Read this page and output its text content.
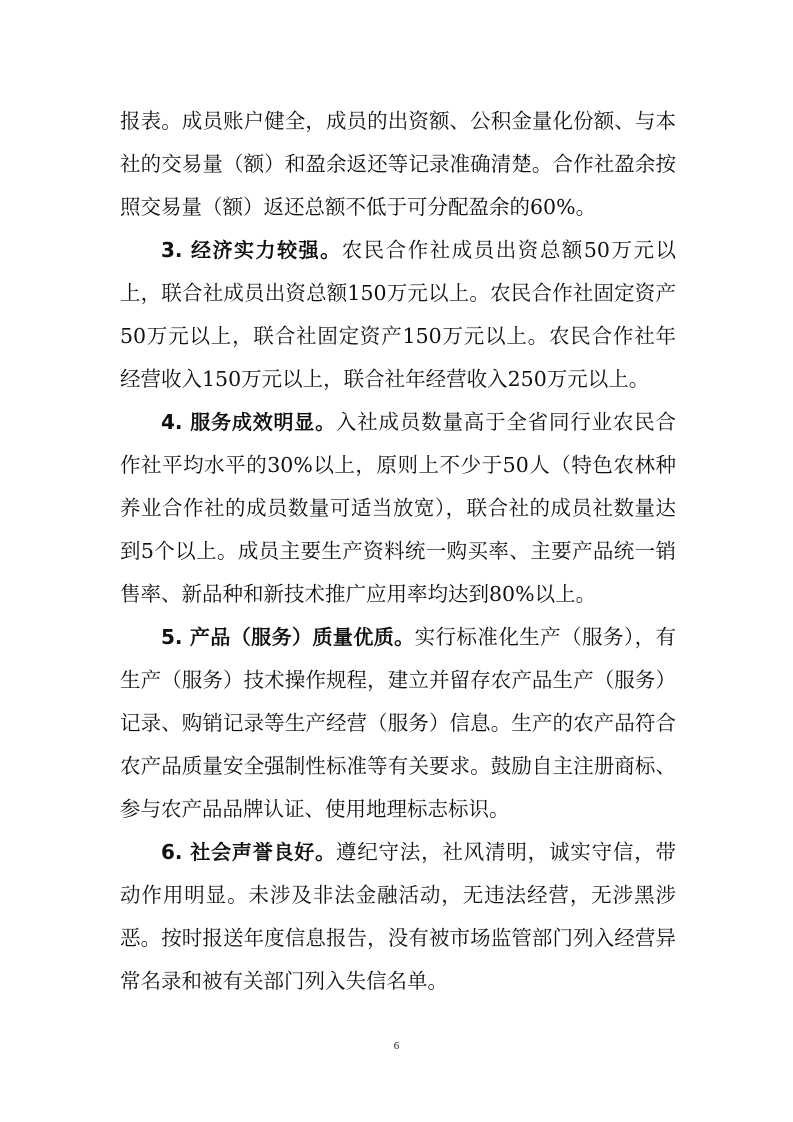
报表。成员账户健全，成员的出资额、公积金量化份额、与本社的交易量（额）和盈余返还等记录准确清楚。合作社盈余按照交易量（额）返还总额不低于可分配盈余的60%。

3. 经济实力较强。农民合作社成员出资总额50万元以上，联合社成员出资总额150万元以上。农民合作社固定资产50万元以上，联合社固定资产150万元以上。农民合作社年经营收入150万元以上，联合社年经营收入250万元以上。

4. 服务成效明显。入社成员数量高于全省同行业农民合作社平均水平的30%以上，原则上不少于50人（特色农林种养业合作社的成员数量可适当放宽），联合社的成员社数量达到5个以上。成员主要生产资料统一购买率、主要产品统一销售率、新品种和新技术推广应用率均达到80%以上。

5. 产品（服务）质量优质。实行标准化生产（服务），有生产（服务）技术操作规程，建立并留存农产品生产（服务）记录、购销记录等生产经营（服务）信息。生产的农产品符合农产品质量安全强制性标准等有关要求。鼓励自主注册商标、参与农产品品牌认证、使用地理标志标识。

6. 社会声誉良好。遵纪守法，社风清明，诚实守信，带动作用明显。未涉及非法金融活动，无违法经营，无涉黑涉恶。按时报送年度信息报告，没有被市场监管部门列入经营异常名录和被有关部门列入失信名单。

6
